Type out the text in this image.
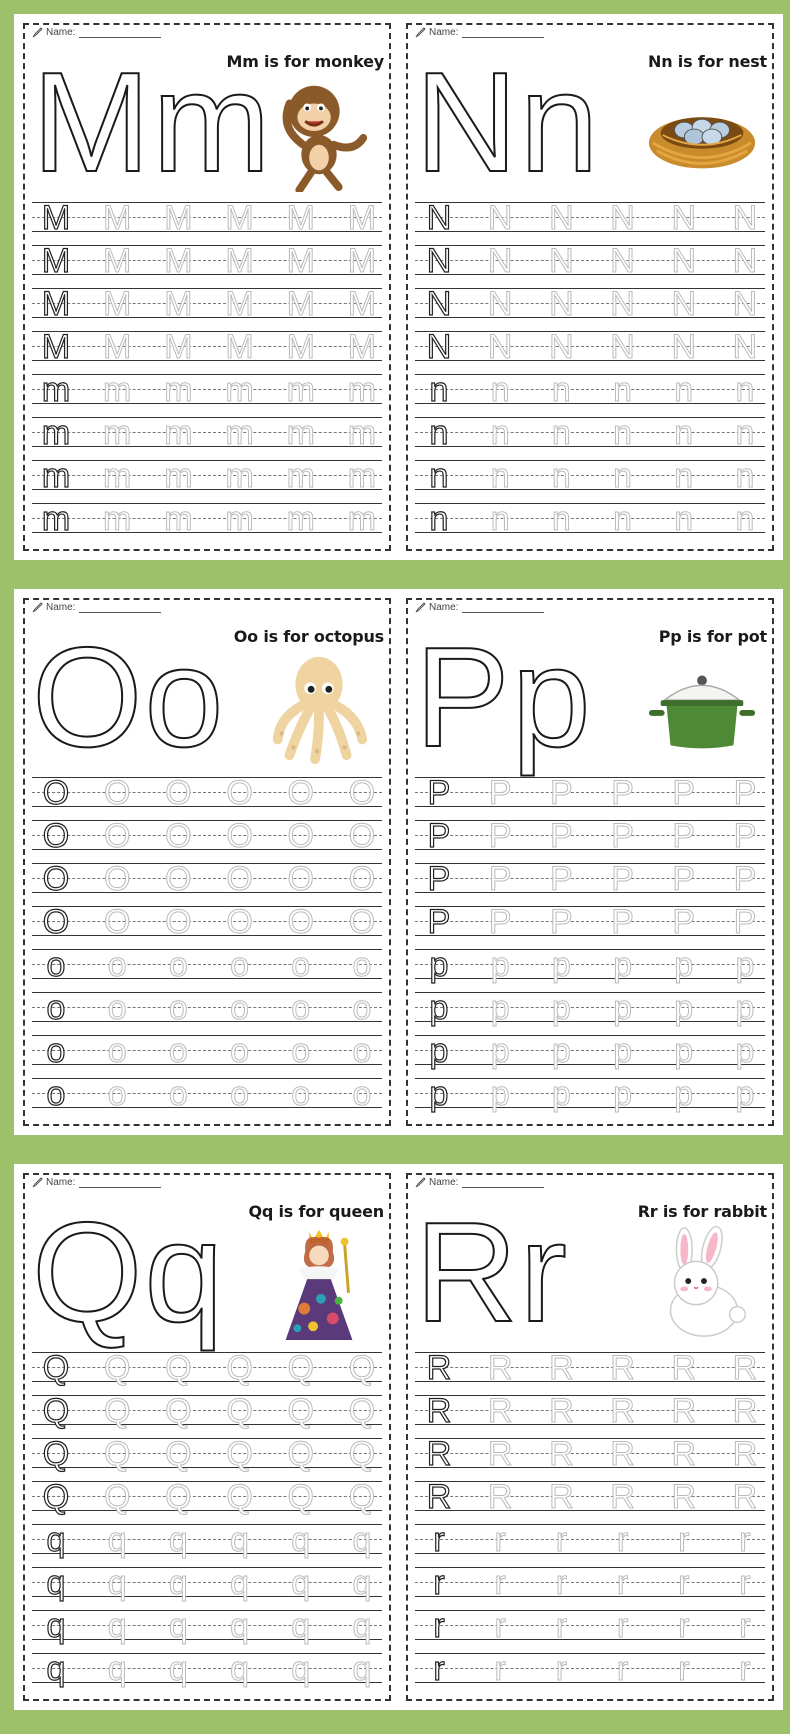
Name:
Mm is for monkey
M m
M M M M M M
M M M M M M
M M M M M M
M M M M M M
m m m m m m
m m m m m m
m m m m m m
m m m m m m
Name:
Nn is for nest
N n
N N N N N N
N N N N N N
N N N N N N
N N N N N N
n	n	n	n	n	n
n	n	n	n	n	n
n	n	n	n	n	n
n	n	n	n	n	n
Name:
Oo is for octopus
O o
O O O O O O
O O O O O O
O O O O O O
O O O O O O
o	o	o	o	o	o
o	o	o	o	o	o
o	o	o	o	o	o
o	o	o	o	o	o
Name:
Pp is for pot
P p
P P P P P P
P P P P P P
P P P P P P
P P P P P P
p	p	p	p	p	p
p	p	p	p	p	p
p	p	p	p	p	p
p	p	p	p	p	p
Name:
Qq is for queen
Q q
Q Q Q Q Q Q
Q Q Q Q Q Q
Q Q Q Q Q Q
Q Q Q Q Q Q
q	q	q	q	q	q
q	q	q	q	q	q
q	q	q	q	q	q
q	q	q	q	q	q
Name:
Rr is for rabbit
R r
R R R R R R
R R R R R R
R R R R R R
R R R R R R
r	r	r	r	r	r
r	r	r	r	r	r
r	r	r	r	r	r
r	r	r	r	r	r
